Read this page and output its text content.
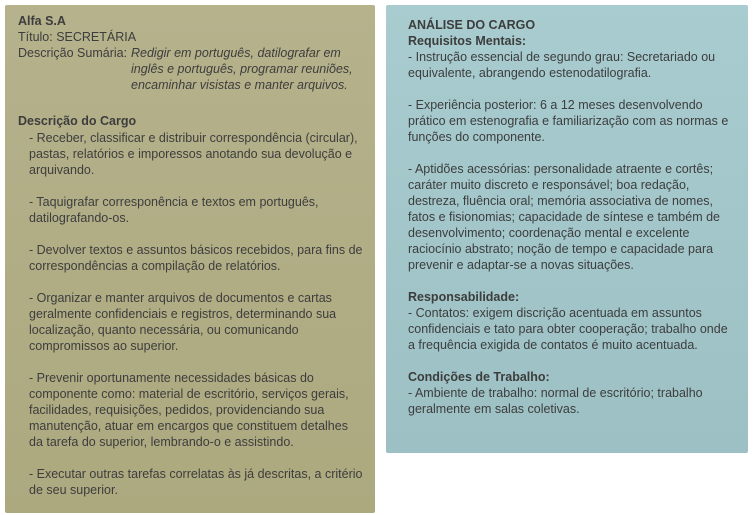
Alfa S.A
Título: SECRETÁRIA
Descrição Sumária: Redigir em português, datilografar em inglês e português, programar reuniões, encaminhar visistas e manter arquivos.
Descrição do Cargo

- Receber, classificar e distribuir correspondência (circular), pastas, relatórios e imporessos anotando sua devolução e arquivando.

- Taquigrafar corresponência e textos em português, datilografando-os.

- Devolver textos e assuntos básicos recebidos, para fins de correspondências a compilação de relatórios.

- Organizar e manter arquivos de documentos e cartas geralmente confidenciais e registros, determinando sua localização, quanto necessária, ou comunicando compromissos ao superior.

- Prevenir oportunamente necessidades básicas do componente como: material de escritório, serviços gerais, facilidades, requisições, pedidos, providenciando sua manutenção, atuar em encargos que constituem detalhes da tarefa do superior, lembrando-o e assistindo.

- Executar outras tarefas correlatas às já descritas, a critério de seu superior.

ANÁLISE DO CARGO
Requisitos Mentais:

- Instrução essencial de segundo grau: Secretariado ou equivalente, abrangendo estenodatilografia.

- Experiência posterior: 6 a 12 meses desenvolvendo prático em estenografia e familiarização com as normas e funções do componente.

- Aptidões acessórias: personalidade atraente e cortês; caráter muito discreto e responsável; boa redação, destreza, fluência oral; memória associativa de nomes, fatos e fisionomias; capacidade de síntese e também de desenvolvimento; coordenação mental e excelente raciocínio abstrato; noção de tempo e capacidade para prevenir e adaptar-se a novas situações.

Responsabilidade:

- Contatos: exigem discrição acentuada em assuntos confidenciais e tato para obter cooperação; trabalho onde a frequência exigida de contatos é muito acentuada.

Condições de Trabalho:

- Ambiente de trabalho: normal de escritório; trabalho geralmente em salas coletivas.
